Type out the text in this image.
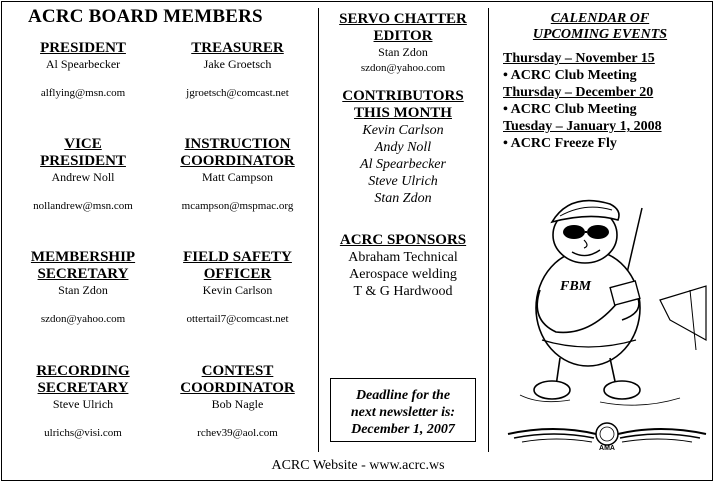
ACRC BOARD MEMBERS
PRESIDENT
Al Spearbecker
alflying@msn.com
TREASURER
Jake Groetsch
jgroetsch@comcast.net
VICE PRESIDENT
Andrew Noll
nollandrew@msn.com
INSTRUCTION COORDINATOR
Matt Campson
mcampson@mspmac.org
MEMBERSHIP SECRETARY
Stan Zdon
szdon@yahoo.com
FIELD SAFETY OFFICER
Kevin Carlson
ottertail7@comcast.net
RECORDING SECRETARY
Steve Ulrich
ulrichs@visi.com
CONTEST COORDINATOR
Bob Nagle
rchev39@aol.com
SERVO CHATTER
EDITOR
Stan Zdon
szdon@yahoo.com
CONTRIBUTORS
THIS MONTH
Kevin Carlson
Andy Noll
Al Spearbecker
Steve Ulrich
Stan Zdon
ACRC SPONSORS
Abraham Technical
Aerospace welding
T & G Hardwood
Deadline for the
next newsletter is:
December 1, 2007
CALENDAR OF
UPCOMING EVENTS
Thursday – November 15
• ACRC Club Meeting
Thursday – December 20
• ACRC Club Meeting
Tuesday – January 1, 2008
• ACRC Freeze Fly
FBM
AMA
ACRC Website - www.acrc.ws
